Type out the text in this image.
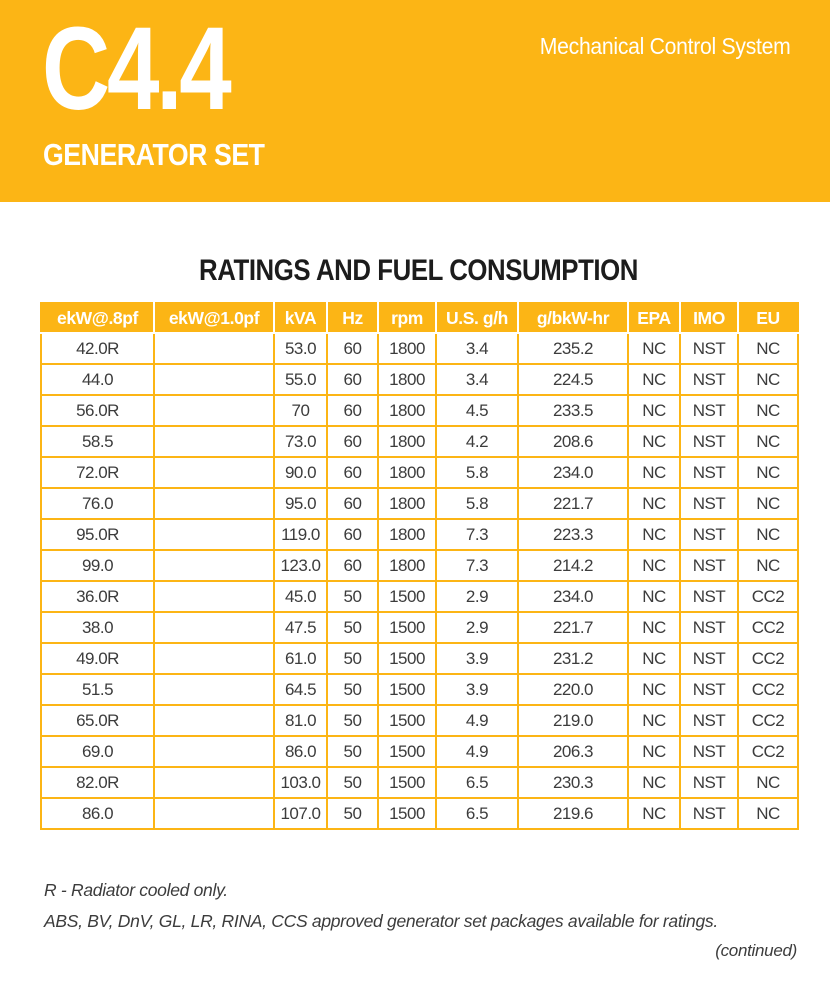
C4.4	Mechanical Control System
GENERATOR SET
RATINGS AND FUEL CONSUMPTION
ekW@.8pf	ekW@1.0pf	kVA	Hz	rpm	U.S. g/h	g/bkW-hr	EPA	IMO	EU
42.0R		53.0	60	1800	3.4	235.2	NC	NST	NC
44.0		55.0	60	1800	3.4	224.5	NC	NST	NC
56.0R		70	60	1800	4.5	233.5	NC	NST	NC
58.5		73.0	60	1800	4.2	208.6	NC	NST	NC
72.0R		90.0	60	1800	5.8	234.0	NC	NST	NC
76.0		95.0	60	1800	5.8	221.7	NC	NST	NC
95.0R		119.0	60	1800	7.3	223.3	NC	NST	NC
99.0		123.0	60	1800	7.3	214.2	NC	NST	NC
36.0R		45.0	50	1500	2.9	234.0	NC	NST	CC2
38.0		47.5	50	1500	2.9	221.7	NC	NST	CC2
49.0R		61.0	50	1500	3.9	231.2	NC	NST	CC2
51.5		64.5	50	1500	3.9	220.0	NC	NST	CC2
65.0R		81.0	50	1500	4.9	219.0	NC	NST	CC2
69.0		86.0	50	1500	4.9	206.3	NC	NST	CC2
82.0R		103.0	50	1500	6.5	230.3	NC	NST	NC
86.0		107.0	50	1500	6.5	219.6	NC	NST	NC
R - Radiator cooled only.
ABS, BV, DnV, GL, LR, RINA, CCS approved generator set packages available for ratings.
(continued)
